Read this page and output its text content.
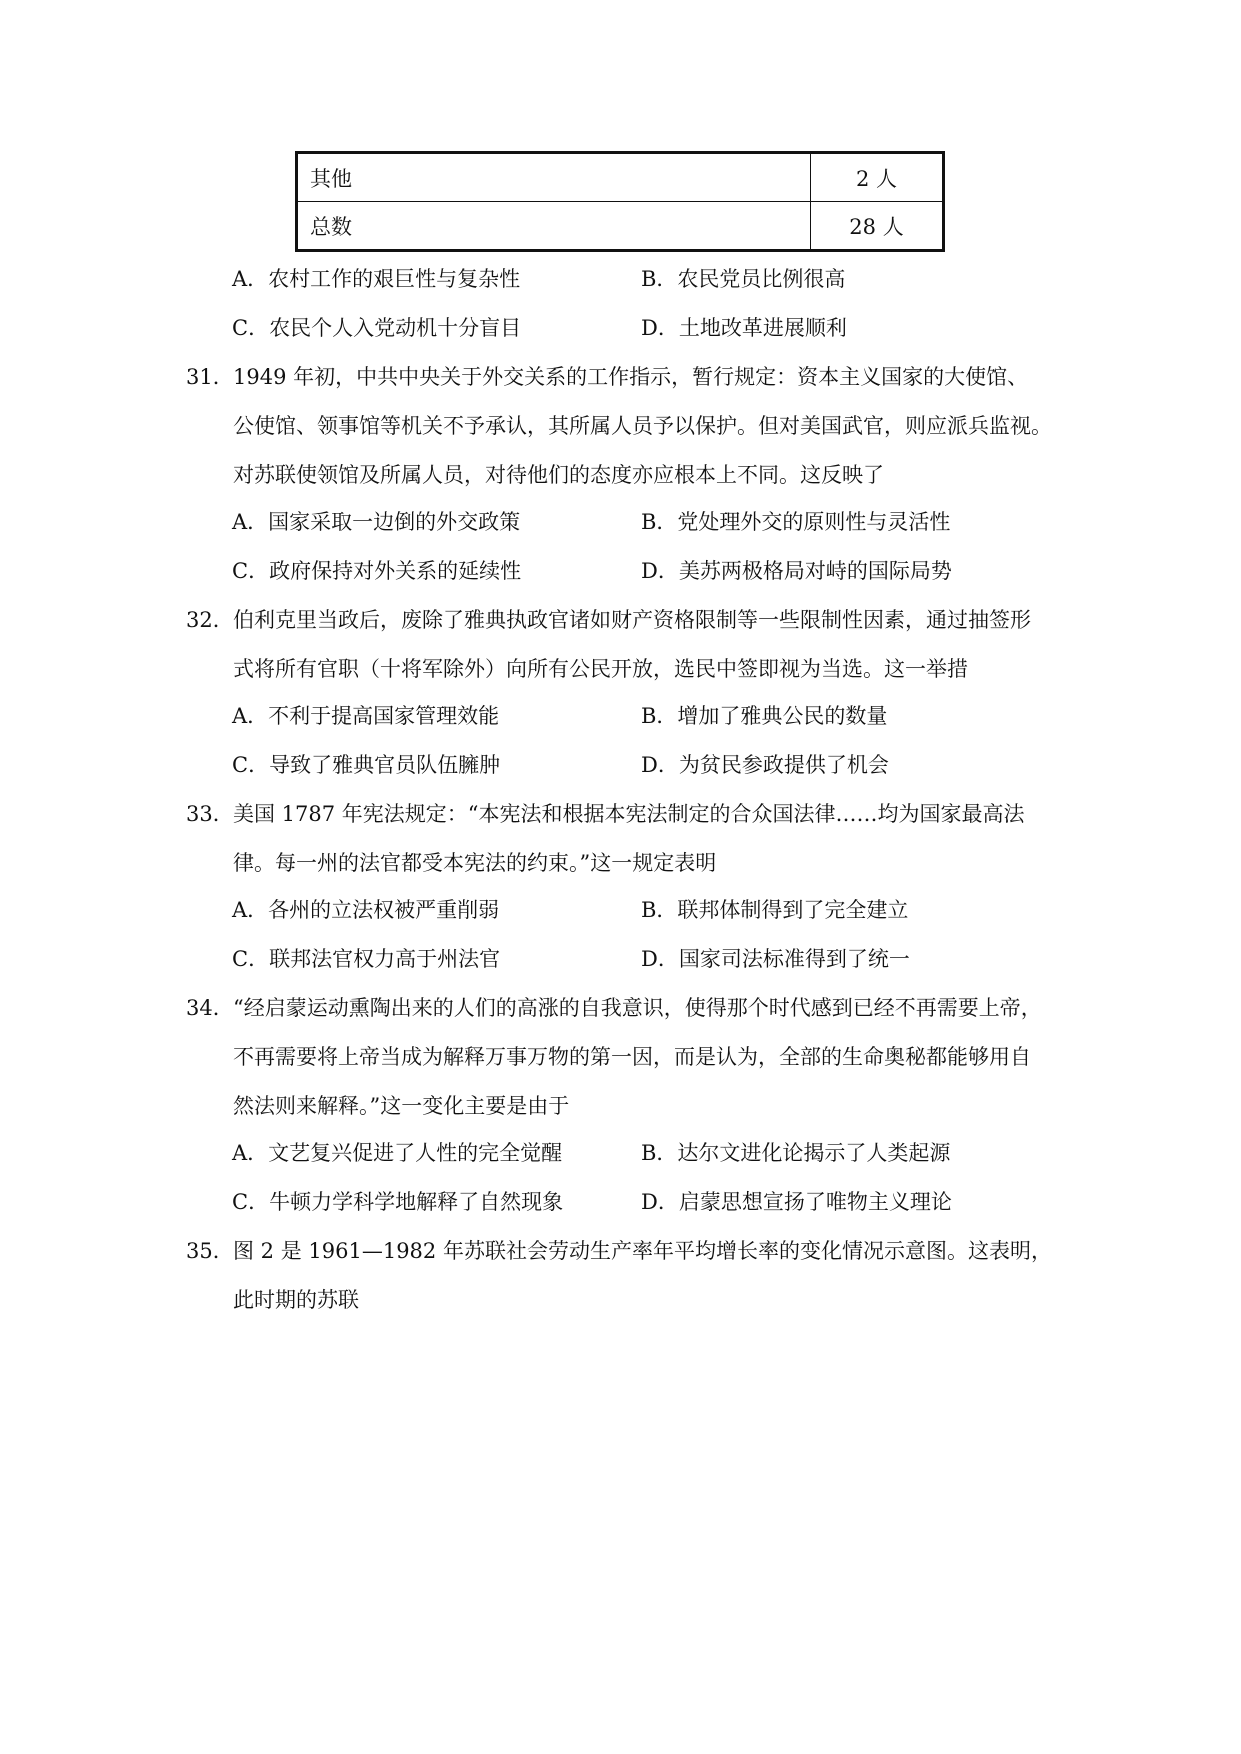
其他	2 人
总数	28 人
A．农村工作的艰巨性与复杂性	B．农民党员比例很高
C．农民个人入党动机十分盲目	D．土地改革进展顺利
31． 1949 年初，中共中央关于外交关系的工作指示，暂行规定：资本主义国家的大使馆、
公使馆、领事馆等机关不予承认，其所属人员予以保护。但对美国武官，则应派兵监视。
对苏联使领馆及所属人员，对待他们的态度亦应根本上不同。这反映了
A．国家采取一边倒的外交政策	B．党处理外交的原则性与灵活性
C．政府保持对外关系的延续性	D．美苏两极格局对峙的国际局势
32． 伯利克里当政后，废除了雅典执政官诸如财产资格限制等一些限制性因素，通过抽签形
式将所有官职（十将军除外）向所有公民开放，选民中签即视为当选。这一举措
A．不利于提高国家管理效能	B．增加了雅典公民的数量
C．导致了雅典官员队伍臃肿	D．为贫民参政提供了机会
33． 美国 1787 年宪法规定：“本宪法和根据本宪法制定的合众国法律……均为国家最高法
律。每一州的法官都受本宪法的约束。”这一规定表明
A．各州的立法权被严重削弱	B．联邦体制得到了完全建立
C．联邦法官权力高于州法官	D．国家司法标准得到了统一
34． “经启蒙运动熏陶出来的人们的高涨的自我意识，使得那个时代感到已经不再需要上帝，
不再需要将上帝当成为解释万事万物的第一因，而是认为，全部的生命奥秘都能够用自
然法则来解释。”这一变化主要是由于
A．文艺复兴促进了人性的完全觉醒	B．达尔文进化论揭示了人类起源
C．牛顿力学科学地解释了自然现象	D．启蒙思想宣扬了唯物主义理论
35． 图 2 是 1961—1982 年苏联社会劳动生产率年平均增长率的变化情况示意图。这表明，
此时期的苏联
